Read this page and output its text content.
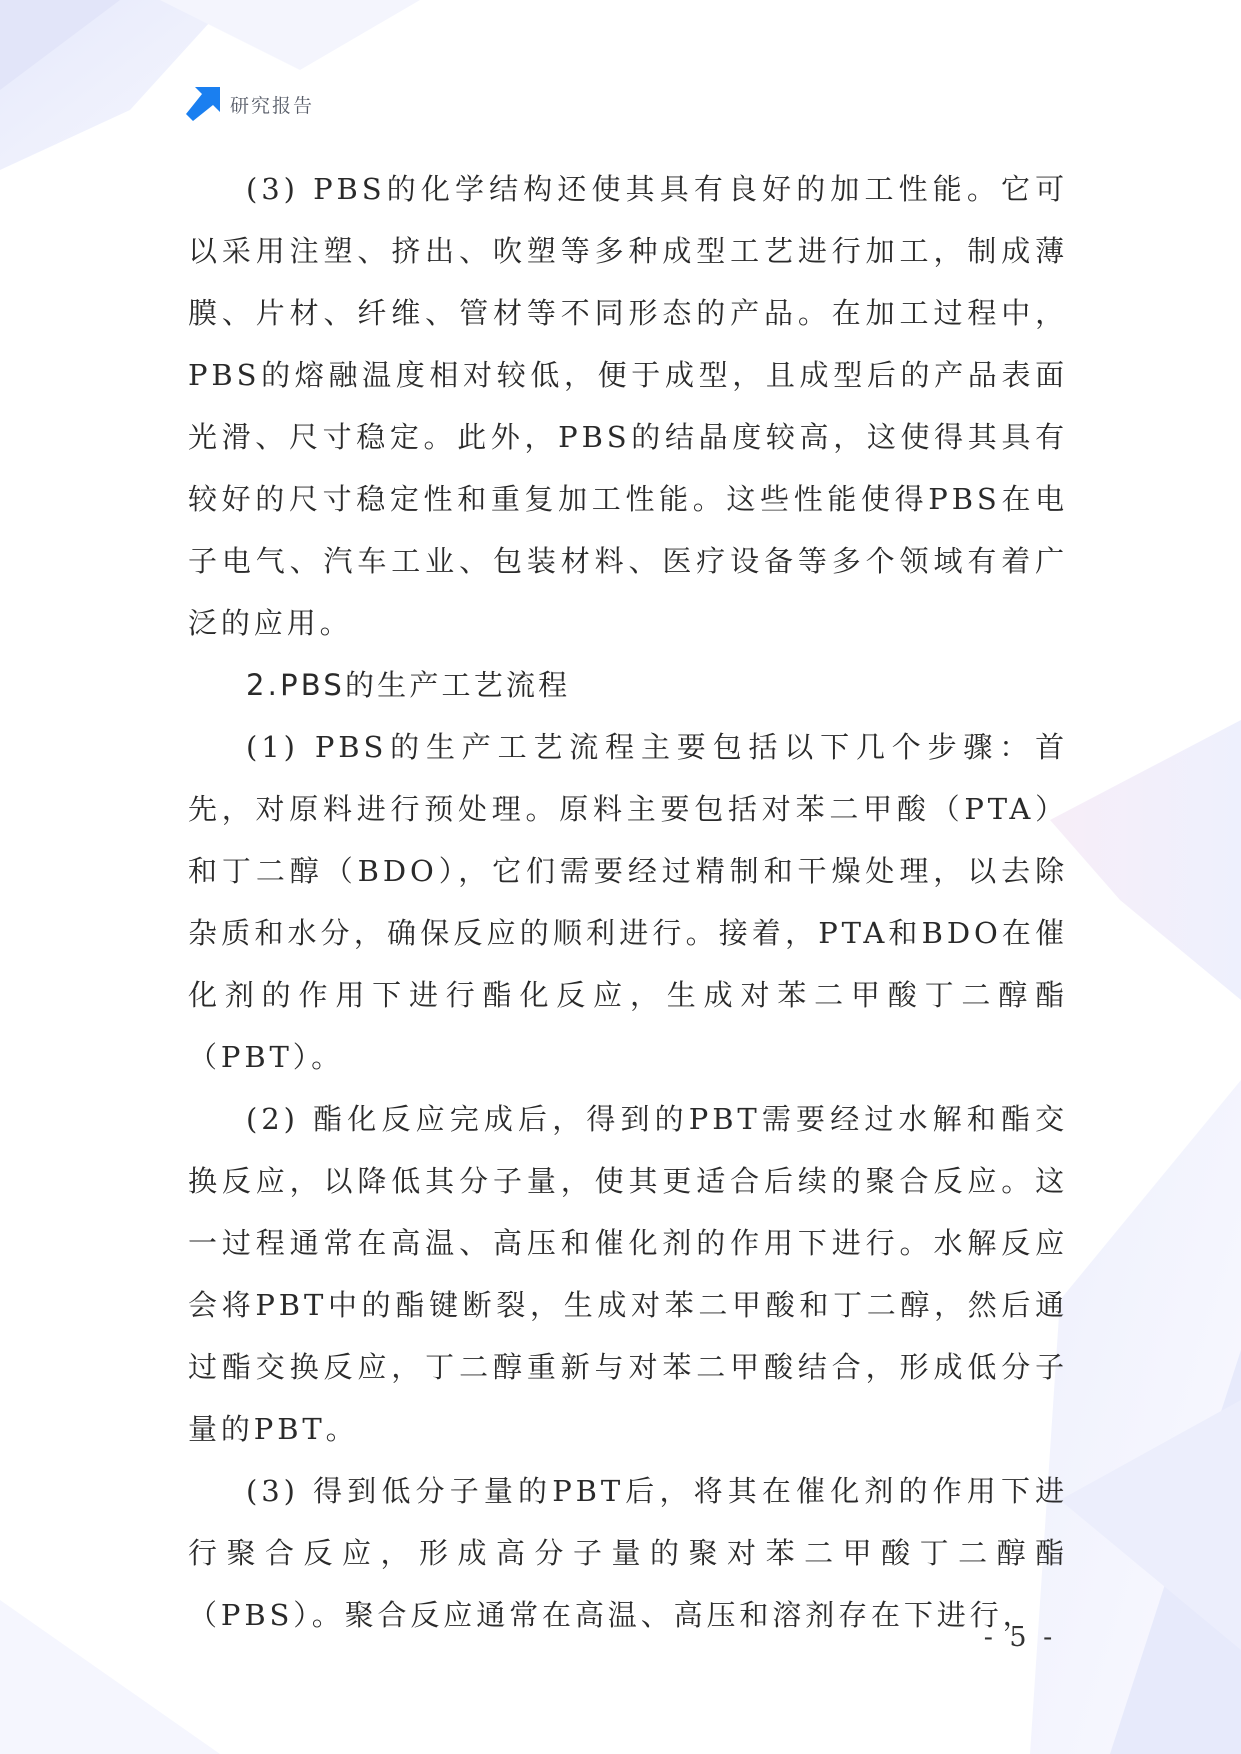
研究报告

(3) PBS的化学结构还使其具有良好的加工性能。它可以采用注塑、挤出、吹塑等多种成型工艺进行加工，制成薄膜、片材、纤维、管材等不同形态的产品。在加工过程中，PBS的熔融温度相对较低，便于成型，且成型后的产品表面光滑、尺寸稳定。此外，PBS的结晶度较高，这使得其具有较好的尺寸稳定性和重复加工性能。这些性能使得PBS在电子电气、汽车工业、包装材料、医疗设备等多个领域有着广泛的应用。

2.PBS的生产工艺流程

(1) PBS的生产工艺流程主要包括以下几个步骤：首先，对原料进行预处理。原料主要包括对苯二甲酸（PTA）和丁二醇（BDO），它们需要经过精制和干燥处理，以去除杂质和水分，确保反应的顺利进行。接着，PTA和BDO在催化剂的作用下进行酯化反应，生成对苯二甲酸丁二醇酯（PBT）。

(2) 酯化反应完成后，得到的PBT需要经过水解和酯交换反应，以降低其分子量，使其更适合后续的聚合反应。这一过程通常在高温、高压和催化剂的作用下进行。水解反应会将PBT中的酯键断裂，生成对苯二甲酸和丁二醇，然后通过酯交换反应，丁二醇重新与对苯二甲酸结合，形成低分子量的PBT。

(3) 得到低分子量的PBT后，将其在催化剂的作用下进行聚合反应，形成高分子量的聚对苯二甲酸丁二醇酯（PBS）。聚合反应通常在高温、高压和溶剂存在下进行，

- 5 -
